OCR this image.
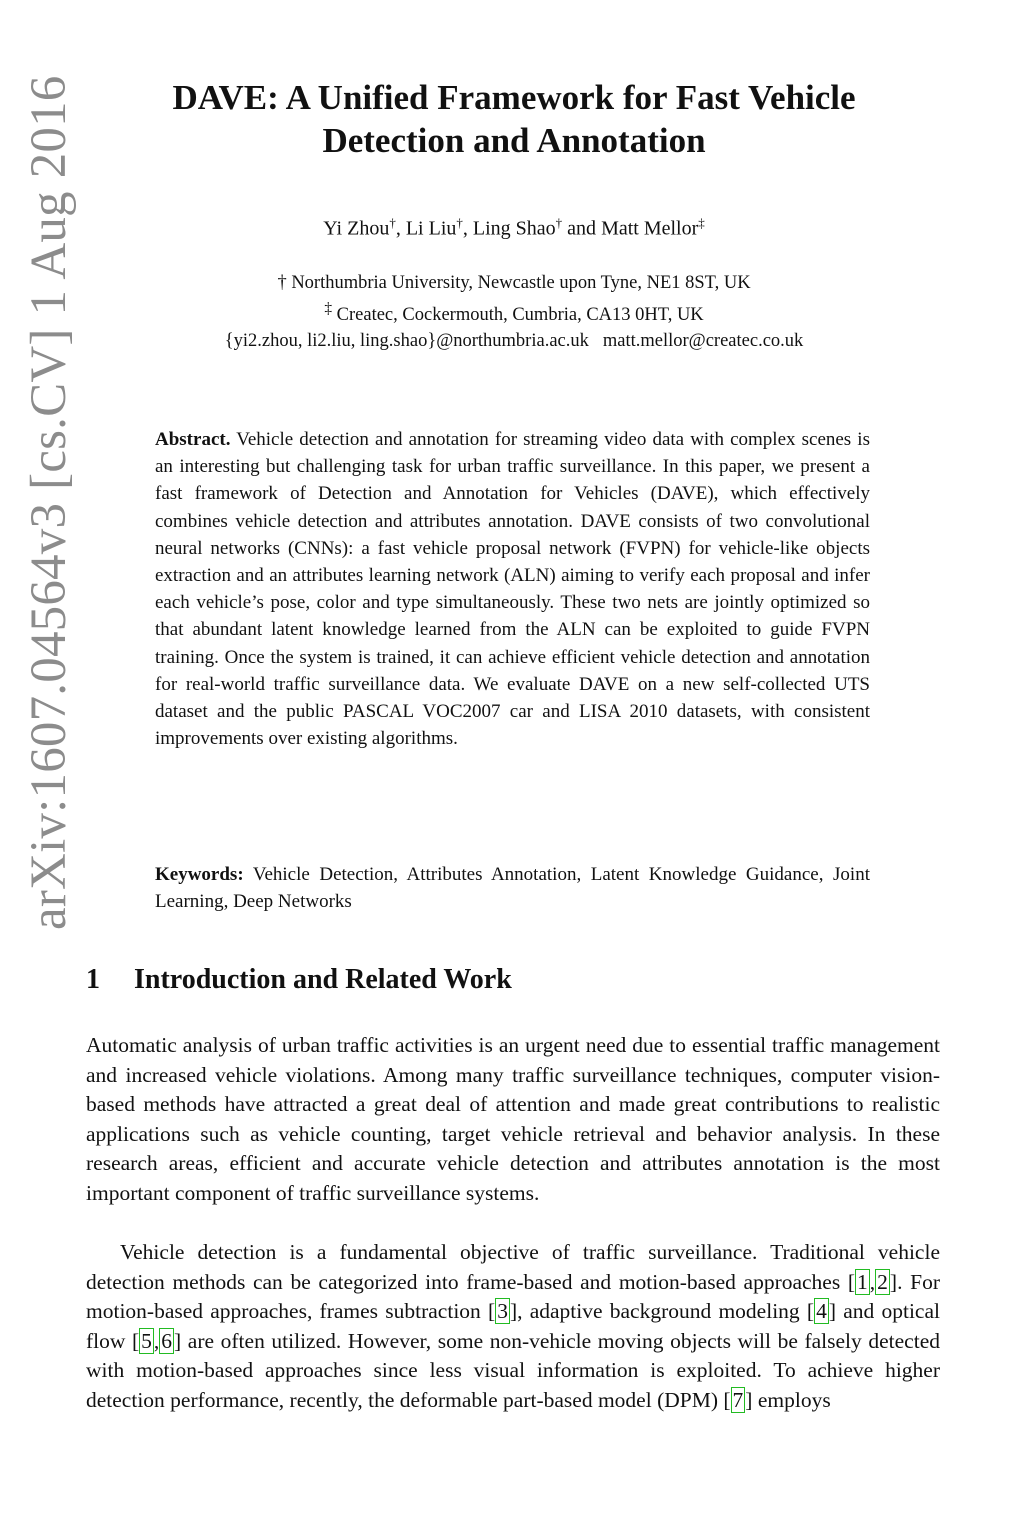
arXiv:1607.04564v3 [cs.CV] 1 Aug 2016	DAVE: A Unified Framework for Fast Vehicle
Detection and Annotation
Yi Zhou†, Li Liu†, Ling Shao† and Matt Mellor‡
† Northumbria University, Newcastle upon Tyne, NE1 8ST, UK
‡ Createc, Cockermouth, Cumbria, CA13 0HT, UK
{yi2.zhou, li2.liu, ling.shao}@northumbria.ac.uk matt.mellor@createc.co.uk
Abstract. Vehicle detection and annotation for streaming video data with complex scenes is an interesting but challenging task for urban traffic surveillance. In this paper, we present a fast framework of Detection and Annotation for Vehicles (DAVE), which effectively combines vehicle detection and attributes annotation. DAVE consists of two convolutional neural networks (CNNs): a fast vehicle proposal network (FVPN) for vehicle-like objects extraction and an attributes learning network (ALN) aiming to verify each proposal and infer each vehicle’s pose, color and type simultaneously. These two nets are jointly optimized so that abundant latent knowledge learned from the ALN can be exploited to guide FVPN training. Once the system is trained, it can achieve efficient vehicle detection and annotation for real-world traffic surveillance data. We evaluate DAVE on a new self-collected UTS dataset and the public PASCAL VOC2007 car and LISA 2010 datasets, with consistent improvements over existing algorithms.
Keywords: Vehicle Detection, Attributes Annotation, Latent Knowledge Guidance, Joint Learning, Deep Networks
1 Introduction and Related Work
Automatic analysis of urban traffic activities is an urgent need due to essential traffic management and increased vehicle violations. Among many traffic surveillance techniques, computer vision-based methods have attracted a great deal of attention and made great contributions to realistic applications such as vehicle counting, target vehicle retrieval and behavior analysis. In these research areas, efficient and accurate vehicle detection and attributes annotation is the most important component of traffic surveillance systems.
Vehicle detection is a fundamental objective of traffic surveillance. Traditional vehicle detection methods can be categorized into frame-based and motion-based approaches [1,2]. For motion-based approaches, frames subtraction [3], adaptive background modeling [4] and optical flow [5,6] are often utilized. However, some non-vehicle moving objects will be falsely detected with motion-based approaches since less visual information is exploited. To achieve higher detection performance, recently, the deformable part-based model (DPM) [7] employs
